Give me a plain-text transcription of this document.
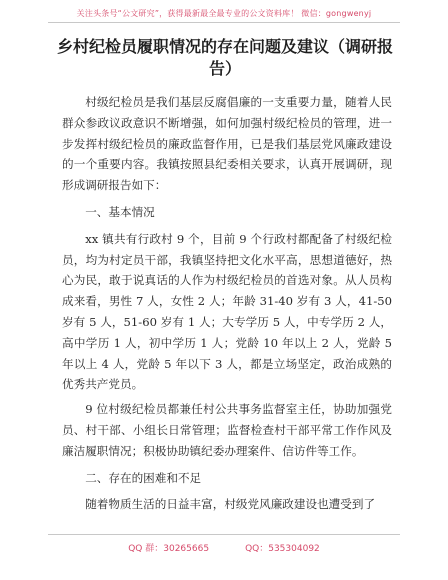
关注头条号“公文研究”，获得最新最全最专业的公文资料库！ 微信：gongwenyj
乡村纪检员履职情况的存在问题及建议（调研报告）

村级纪检员是我们基层反腐倡廉的一支重要力量，随着人民群众参政议政意识不断增强，如何加强村级纪检员的管理，进一步发挥村级纪检员的廉政监督作用，已是我们基层党风廉政建设的一个重要内容。我镇按照县纪委相关要求，认真开展调研，现形成调研报告如下：

一、基本情况

xx 镇共有行政村 9 个，目前 9 个行政村都配备了村级纪检员，均为村定员干部，我镇坚持把文化水平高，思想道德好，热心为民，敢于说真话的人作为村级纪检员的首选对象。从人员构成来看，男性 7 人，女性 2 人；年龄 31-40 岁有 3 人，41-50 岁有 5 人，51-60 岁有 1 人；大专学历 5 人，中专学历 2 人，高中学历 1 人，初中学历 1 人；党龄 10 年以上 2 人，党龄 5 年以上 4 人，党龄 5 年以下 3 人，都是立场坚定，政治成熟的优秀共产党员。

9 位村级纪检员都兼任村公共事务监督室主任，协助加强党员、村干部、小组长日常管理；监督检查村干部平常工作作风及廉洁履职情况；积极协助镇纪委办理案件、信访件等工作。

二、存在的困难和不足

随着物质生活的日益丰富，村级党风廉政建设也遭受到了

QQ 群：30265665	QQ：535304092
